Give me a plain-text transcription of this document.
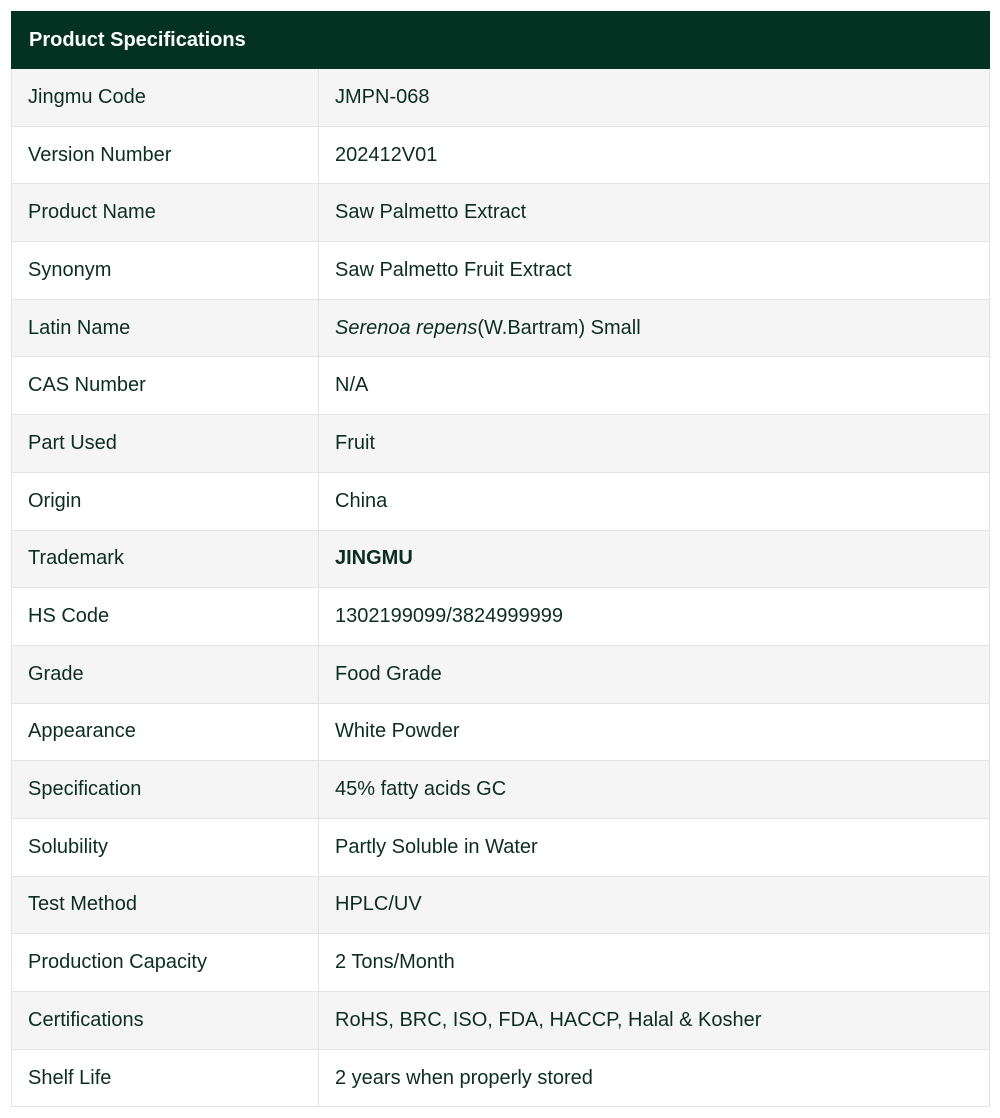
Product Specifications	
Jingmu Code	JMPN-068
Version Number	202412V01
Product Name	Saw Palmetto Extract
Synonym	Saw Palmetto Fruit Extract
Latin Name	Serenoa repens(W.Bartram) Small
CAS Number	N/A
Part Used	Fruit
Origin	China
Trademark	JINGMU
HS Code	1302199099/3824999999
Grade	Food Grade
Appearance	White Powder
Specification	45% fatty acids GC
Solubility	Partly Soluble in Water
Test Method	HPLC/UV
Production Capacity	2 Tons/Month
Certifications	RoHS, BRC, ISO, FDA, HACCP, Halal & Kosher
Shelf Life	2 years when properly stored
